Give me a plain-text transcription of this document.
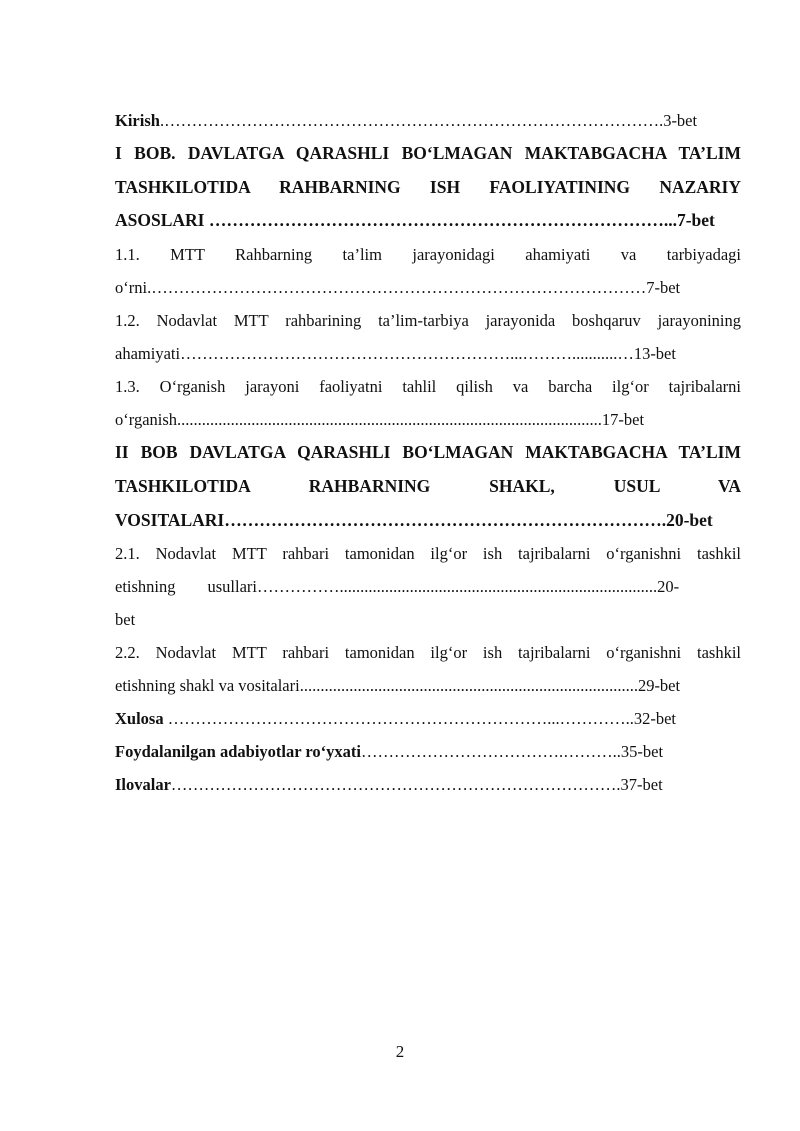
Kirish.……………………………………………………………………………….3-bet
I BOB. DAVLATGA QARASHLI BO‘LMAGAN MAKTABGACHA TA’LIM
TASHKILOTIDA RAHBARNING ISH FAOLIYATINING NAZARIY
ASOSLARI ……………………………………………………………………...7-bet
1.1. MTT Rahbarning ta’lim jarayonidagi ahamiyati va tarbiyadagi
o‘rni.………………………………………………………………………………7-bet
1.2. Nodavlat MTT rahbarining ta’lim-tarbiya jarayonida boshqaruv jarayonining
ahamiyati……………………………………………………...………...........…13-bet
1.3. O‘rganish jarayoni faoliyatni tahlil qilish va barcha ilg‘or tajribalarni
o‘rganish.......................................................................................................17-bet
II BOB DAVLATGA QARASHLI BO‘LMAGAN MAKTABGACHA TA’LIM
TASHKILOTIDA RAHBARNING SHAKL, USUL VA
VOSITALARI………………………………………………………………….20-bet
2.1. Nodavlat MTT rahbari tamonidan ilg‘or ish tajribalarni o‘rganishni tashkil
etishning usullari…………….............................................................................20-
bet
2.2. Nodavlat MTT rahbari tamonidan ilg‘or ish tajribalarni o‘rganishni tashkil
etishning shakl va vositalari..................................................................................29-bet
Xulosa ……………………………………………………………...…………..32-bet
Foydalanilgan adabiyotlar ro‘yxati……………………………….………..35-bet
Ilovalar……………………………………………………………………….37-bet
2
